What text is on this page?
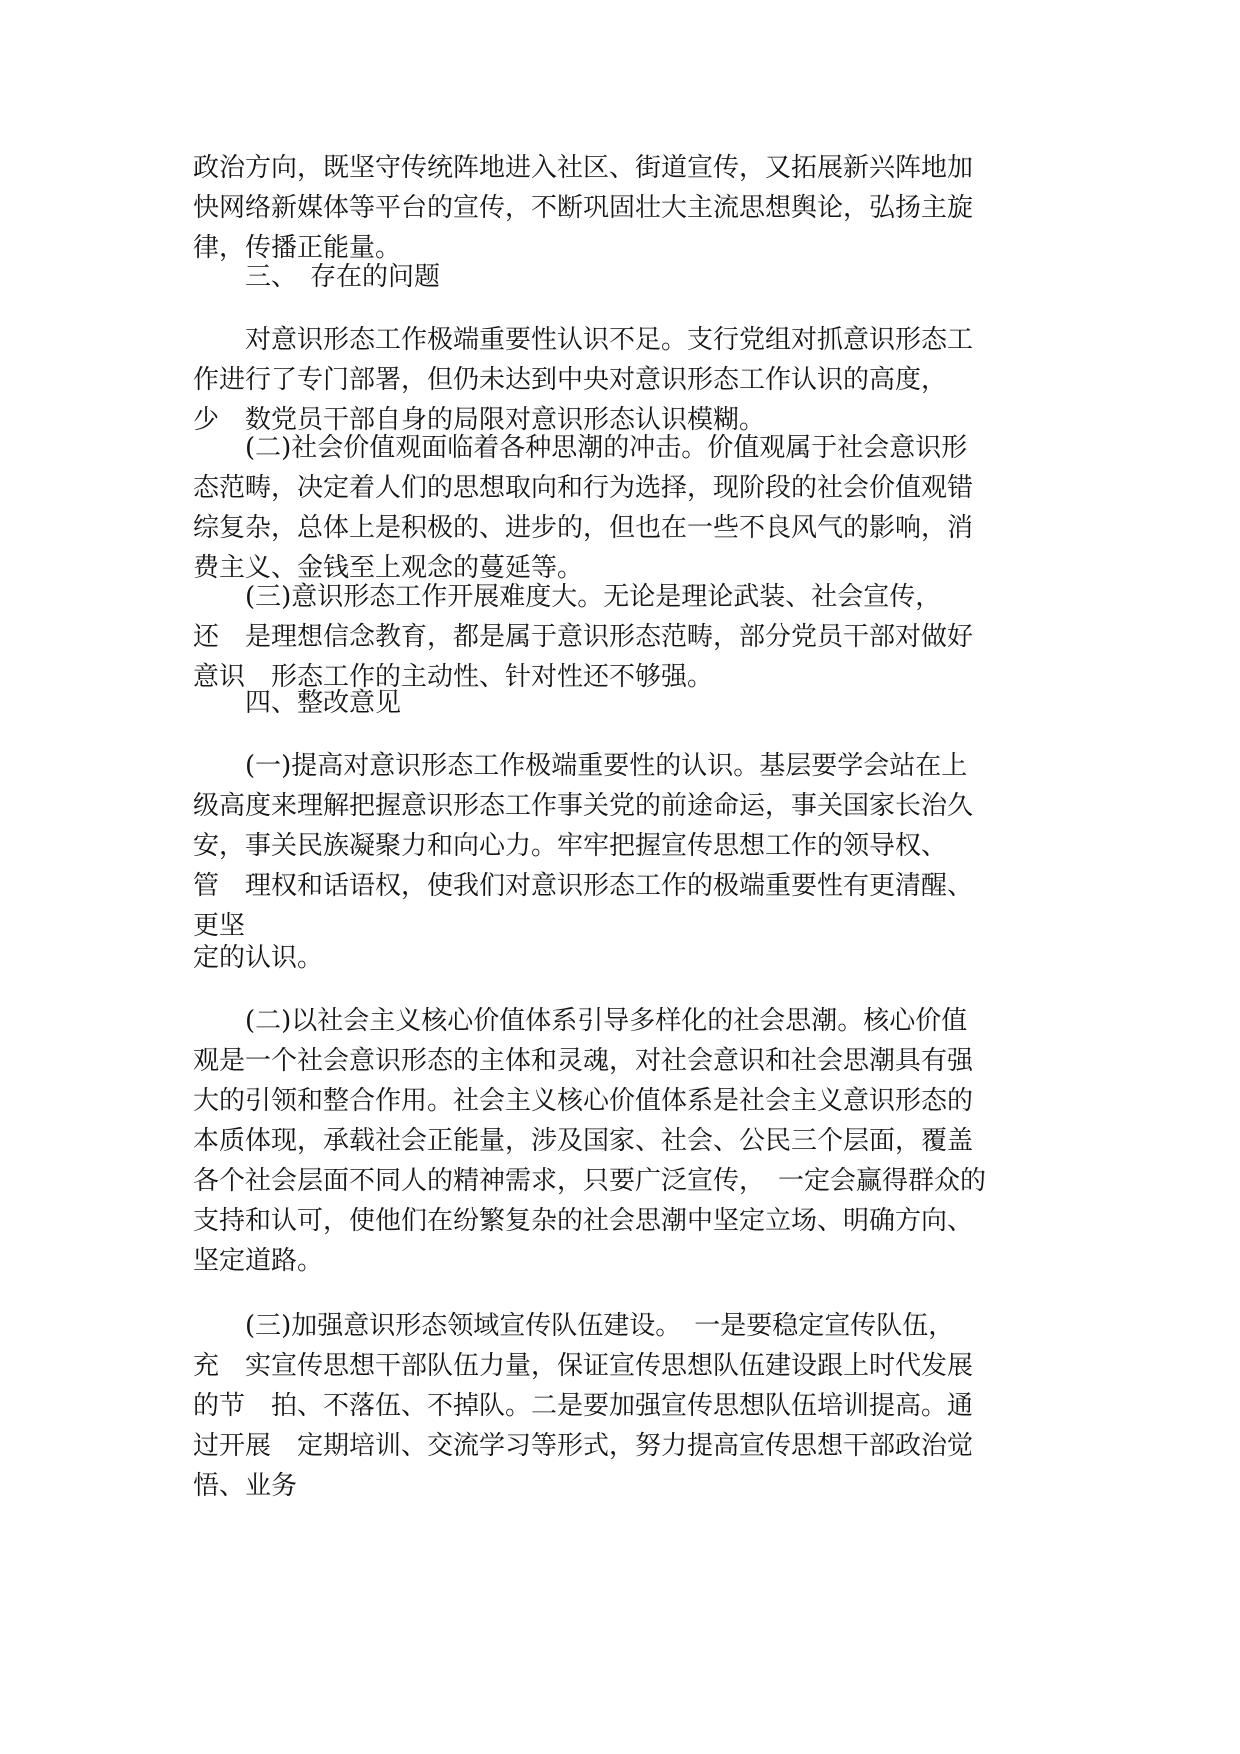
政治方向，既坚守传统阵地进入社区、街道宣传，又拓展新兴阵地加
快网络新媒体等平台的宣传，不断巩固壮大主流思想舆论，弘扬主旋
律，传播正能量。
　　三、　存在的问题
　　对意识形态工作极端重要性认识不足。支行党组对抓意识形态工
作进行了专门部署，但仍未达到中央对意识形态工作认识的高度，
少　数党员干部自身的局限对意识形态认识模糊。
　　(二)社会价值观面临着各种思潮的冲击。价值观属于社会意识形
态范畴，决定着人们的思想取向和行为选择，现阶段的社会价值观错
综复杂，总体上是积极的、进步的，但也在一些不良风气的影响，消
费主义、金钱至上观念的蔓延等。
　　(三)意识形态工作开展难度大。无论是理论武装、社会宣传，
还　是理想信念教育，都是属于意识形态范畴，部分党员干部对做好
意识　形态工作的主动性、针对性还不够强。
　　四、整改意见
　　(一)提高对意识形态工作极端重要性的认识。基层要学会站在上
级高度来理解把握意识形态工作事关党的前途命运，事关国家长治久
安，事关民族凝聚力和向心力。牢牢把握宣传思想工作的领导权、
管　理权和话语权，使我们对意识形态工作的极端重要性有更清醒、
更坚
定的认识。
　　(二)以社会主义核心价值体系引导多样化的社会思潮。核心价值
观是一个社会意识形态的主体和灵魂，对社会意识和社会思潮具有强
大的引领和整合作用。社会主义核心价值体系是社会主义意识形态的
本质体现，承载社会正能量，涉及国家、社会、公民三个层面，覆盖
各个社会层面不同人的精神需求，只要广泛宣传，　一定会赢得群众的
支持和认可，使他们在纷繁复杂的社会思潮中坚定立场、明确方向、
坚定道路。
　　(三)加强意识形态领域宣传队伍建设。　一是要稳定宣传队伍，
充　实宣传思想干部队伍力量，保证宣传思想队伍建设跟上时代发展
的节　拍、不落伍、不掉队。二是要加强宣传思想队伍培训提高。通
过开展　定期培训、交流学习等形式，努力提高宣传思想干部政治觉
悟、业务
